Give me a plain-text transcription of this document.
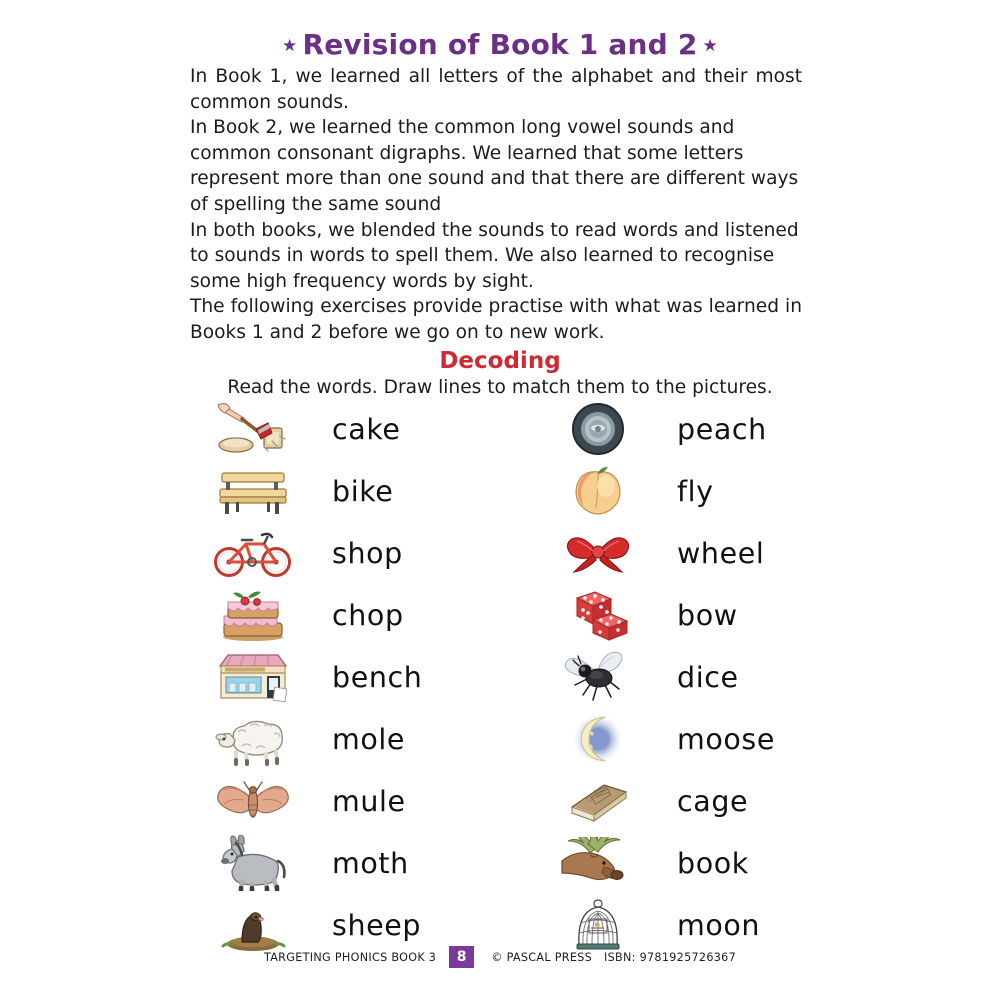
★ Revision of Book 1 and 2 ★

In Book 1, we learned all letters of the alphabet and their most common sounds.

In Book 2, we learned the common long vowel sounds and common consonant digraphs. We learned that some letters represent more than one sound and that there are different ways of spelling the same sound

In both books, we blended the sounds to read words and listened to sounds in words to spell them. We also learned to recognise some high frequency words by sight.

The following exercises provide practise with what was learned in Books 1 and 2 before we go on to new work.

Decoding
Read the words. Draw lines to match them to the pictures.
cake
bike
shop
chop
bench
mole
mule
moth
sheep
peach
fly
wheel
bow
dice
moose
cage
book
moon
TARGETING PHONICS BOOK 3	8	© PASCAL PRESS ISBN: 9781925726367
